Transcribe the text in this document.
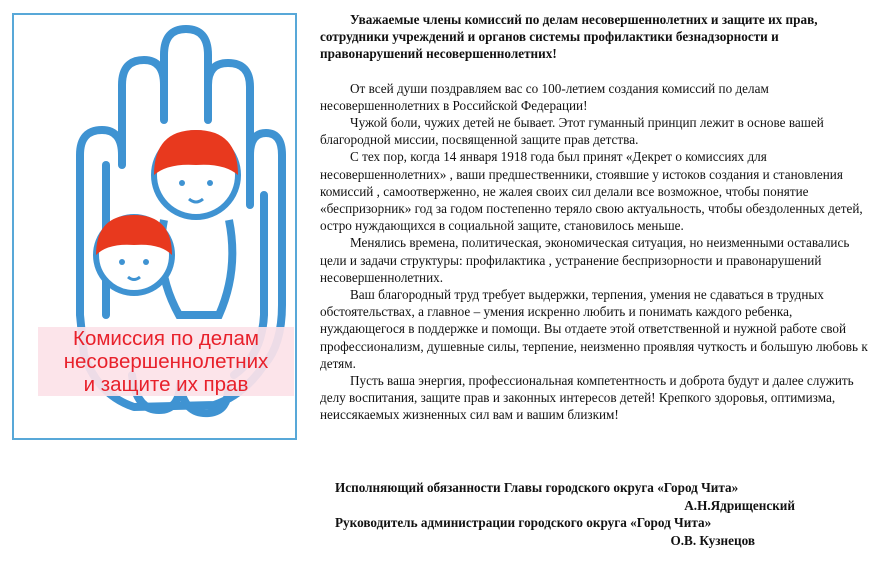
Комиссия по делам
несовершеннолетних
и защите их прав

Уважаемые члены комиссий по делам несовершеннолетних и защите их прав, сотрудники учреждений и органов системы профилактики безнадзорности и правонарушений несовершеннолетних!

От всей души поздравляем вас со 100-летием создания комиссий по делам несовершеннолетних в Российской Федерации!

Чужой боли, чужих детей не бывает. Этот гуманный принцип лежит в основе вашей благородной миссии, посвященной защите прав детства.

С тех пор, когда 14 января 1918 года был принят «Декрет о комиссиях для несовершеннолетних» , ваши предшественники, стоявшие у истоков создания и становления комиссий , самоотверженно, не жалея своих сил делали все возможное, чтобы понятие «беспризорник» год за годом постепенно теряло свою актуальность, чтобы обездоленных детей, остро нуждающихся в социальной защите, становилось меньше.

Менялись времена, политическая, экономическая ситуация, но неизменными оставались цели и задачи структуры: профилактика , устранение беспризорности и правонарушений несовершеннолетних.

Ваш благородный труд требует выдержки, терпения, умения не сдаваться в трудных обстоятельствах, а главное – умения искренно любить и понимать каждого ребенка, нуждающегося в поддержке и помощи. Вы отдаете этой ответственной и нужной работе свой профессионализм, душевные силы, терпение, неизменно проявляя чуткость и большую любовь к детям.

Пусть ваша энергия, профессиональная компетентность и доброта будут и далее служить делу воспитания, защите прав и законных интересов детей! Крепкого здоровья, оптимизма, неиссякаемых жизненных сил вам и вашим близким!

Исполняющий обязанности Главы городского округа «Город Чита»
А.Н.Ядрищенский
Руководитель администрации городского округа «Город Чита»
О.В. Кузнецов
